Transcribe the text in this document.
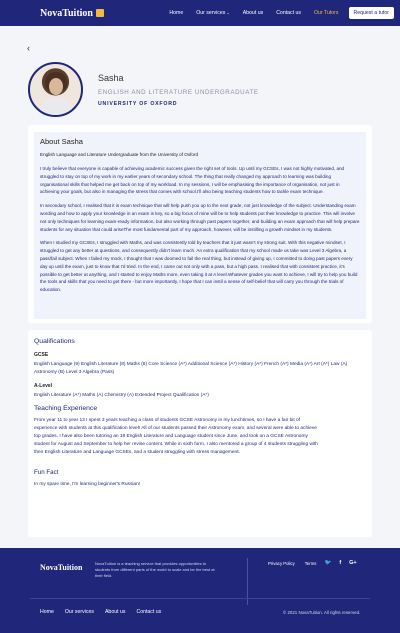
NovaTuition	Home	Our services⌄	About us	Contact us	Our Tutors	Request a tutor
‹
Sasha
ENGLISH AND LITERATURE UNDERGRADUATE
UNIVERSITY OF OXFORD
About Sasha
English Language and Literature Undergraduate from the University of Oxford

I truly believe that everyone is capable of achieving academic success given the right set of tools. Up until my GCSEs, I was not highly motivated, and struggled to stay on top of my work in my earlier years of secondary school. The thing that really changed my approach to learning was building organisational skills that helped me get back on top of my workload. In my sessions, I will be emphasising the importance of organisation, not just in achieving your goals, but also in managing the stress that comes with school.I'll also being teaching students how to tackle exam technique.

In secondary school, I realised that it is exam technique that will help push you up to the next grade, not just knowledge of the subject. Understanding exam wording and how to apply your knowledge in an exam is key, so a big focus of mine will be to help students put their knowledge to practice. This will involve not only techniques for learning exam-ready information, but also working through past papers together, and building an exam approach that will help prepare students for any situation that could ariseThe most fundamental part of my approach, however, will be instilling a growth mindset in my students.

When I studied my GCSEs, I struggled with Maths, and was consistently told by teachers that it just wasn't my strong suit. With this negative mindset, I struggled to get any better at questions, and consequently didn't learn much. An extra qualification that my school made us take was Level 3 Algebra, a pass/fail subject. When I failed my mock, I thought that I was doomed to fail the real thing, but instead of giving up, I committed to doing past papers every day up until the exam, just to know that I'd tried. In the end, I came out not only with a pass, but a high pass. I realised that with consistent practice, it's possible to get better at anything, and I started to enjoy Maths more, even taking it at A level.Whatever grades you want to achieve, I will try to help you build the tools and skills that you need to get there - but more importantly, I hope that I can instil a sense of self-belief that will carry you through the trials of education.

Qualifications
GCSE
English Language (9) English Literature (8) Maths (8) Core Science (A*) Additional Science (A*) History (A*) French (A*) Media (A*) Art (A*) Law (A) Astronomy (B) Level 3 Algebra (Pass)
A-Level
English Literature (A*) Maths (A) Chemistry (A) Extended Project Qualification (A*)
Teaching Experience

From year 11 to year 13 I spent 3 years teaching a class of students GCSE Astronomy in my lunchtimes, so I have a fair bit of experience with students at this qualification level! All of our students passed their Astronomy exam, and several were able to achieve top grades. I have also been tutoring an 18 English Literature and Language student since June, and took on a GCSE Astronomy student for August and September to help her revise content. While in sixth form, I also mentored a group of 4 students struggling with their English Literature and Language GCSEs, and a student struggling with stress management.

Fun Fact

In my spare time, I'm learning beginner's Russian!

NovaTuition	NovaTuition is a teaching service that provides opportunities to students from different parts of the world to scale and be the best at their field.
Privacy Policy Terms 🐦 f G+
Home Our services About us Contact us	© 2021 NovaTuition. All rights reserved.
